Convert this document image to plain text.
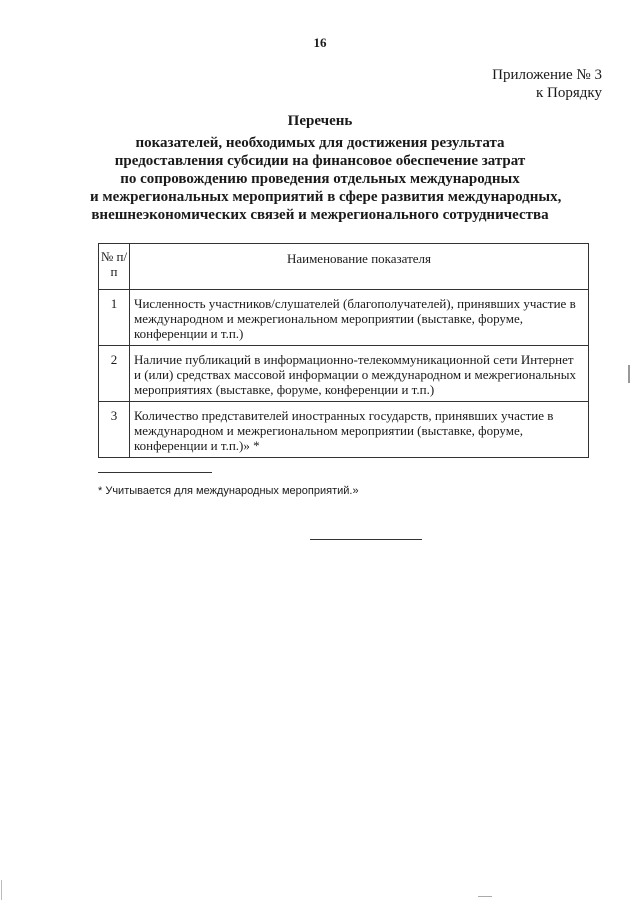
16
Приложение № 3
к Порядку
Перечень
показателей, необходимых для достижения результата
предоставления субсидии на финансовое обеспечение затрат
по сопровождению проведения отдельных международных
и межрегиональных мероприятий в сфере развития международных,
внешнеэкономических связей и межрегионального сотрудничества
№ п/п	Наименование показателя
1	Численность участников/слушателей (благополучателей), принявших участие в международном и межрегиональном мероприятии (выставке, форуме, конференции и т.п.)
2	Наличие публикаций в информационно-телекоммуникационной сети Интернет и (или) средствах массовой информации о международном и межрегиональных мероприятиях (выставке, форуме, конференции и т.п.)
3	Количество представителей иностранных государств, принявших участие в международном и межрегиональном мероприятии (выставке, форуме, конференции и т.п.)» *
* Учитывается для международных мероприятий.»
